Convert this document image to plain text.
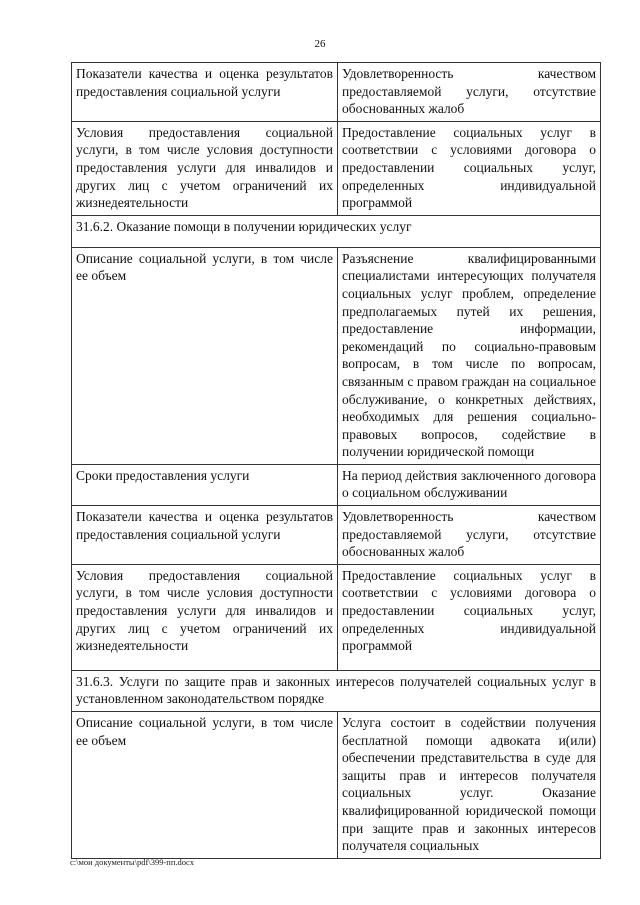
26
Показатели качества и оценка результатов предоставления социальной услуги	Удовлетворенность качеством предоставляемой услуги, отсутствие обоснованных жалоб
Условия предоставления социальной услуги, в том числе условия доступности предоставления услуги для инвалидов и других лиц с учетом ограничений их жизнедеятельности	Предоставление социальных услуг в соответствии с условиями договора о предоставлении социальных услуг, определенных индивидуальной программой
31.6.2. Оказание помощи в получении юридических услуг	
Описание социальной услуги, в том числе ее объем	Разъяснение квалифицированными специалистами интересующих получателя социальных услуг проблем, определение предполагаемых путей их решения, предоставление информации, рекомендаций по социально-правовым вопросам, в том числе по вопросам, связанным с правом граждан на социальное обслуживание, о конкретных действиях, необходимых для решения социально-правовых вопросов, содействие в получении юридической помощи
Сроки предоставления услуги	На период действия заключенного договора о социальном обслуживании
Показатели качества и оценка результатов предоставления социальной услуги	Удовлетворенность качеством предоставляемой услуги, отсутствие обоснованных жалоб
Условия предоставления социальной услуги, в том числе условия доступности предоставления услуги для инвалидов и других лиц с учетом ограничений их жизнедеятельности	Предоставление социальных услуг в соответствии с условиями договора о предоставлении социальных услуг, определенных индивидуальной программой
31.6.3. Услуги по защите прав и законных интересов получателей социальных услуг в установленном законодательством порядке	
Описание социальной услуги, в том числе ее объем	Услуга состоит в содействии получения бесплатной помощи адвоката и(или) обеспечении представительства в суде для защиты прав и интересов получателя социальных услуг. Оказание квалифицированной юридической помощи при защите прав и законных интересов получателя социальных
c:\мои документы\pdf\399-пп.docx
